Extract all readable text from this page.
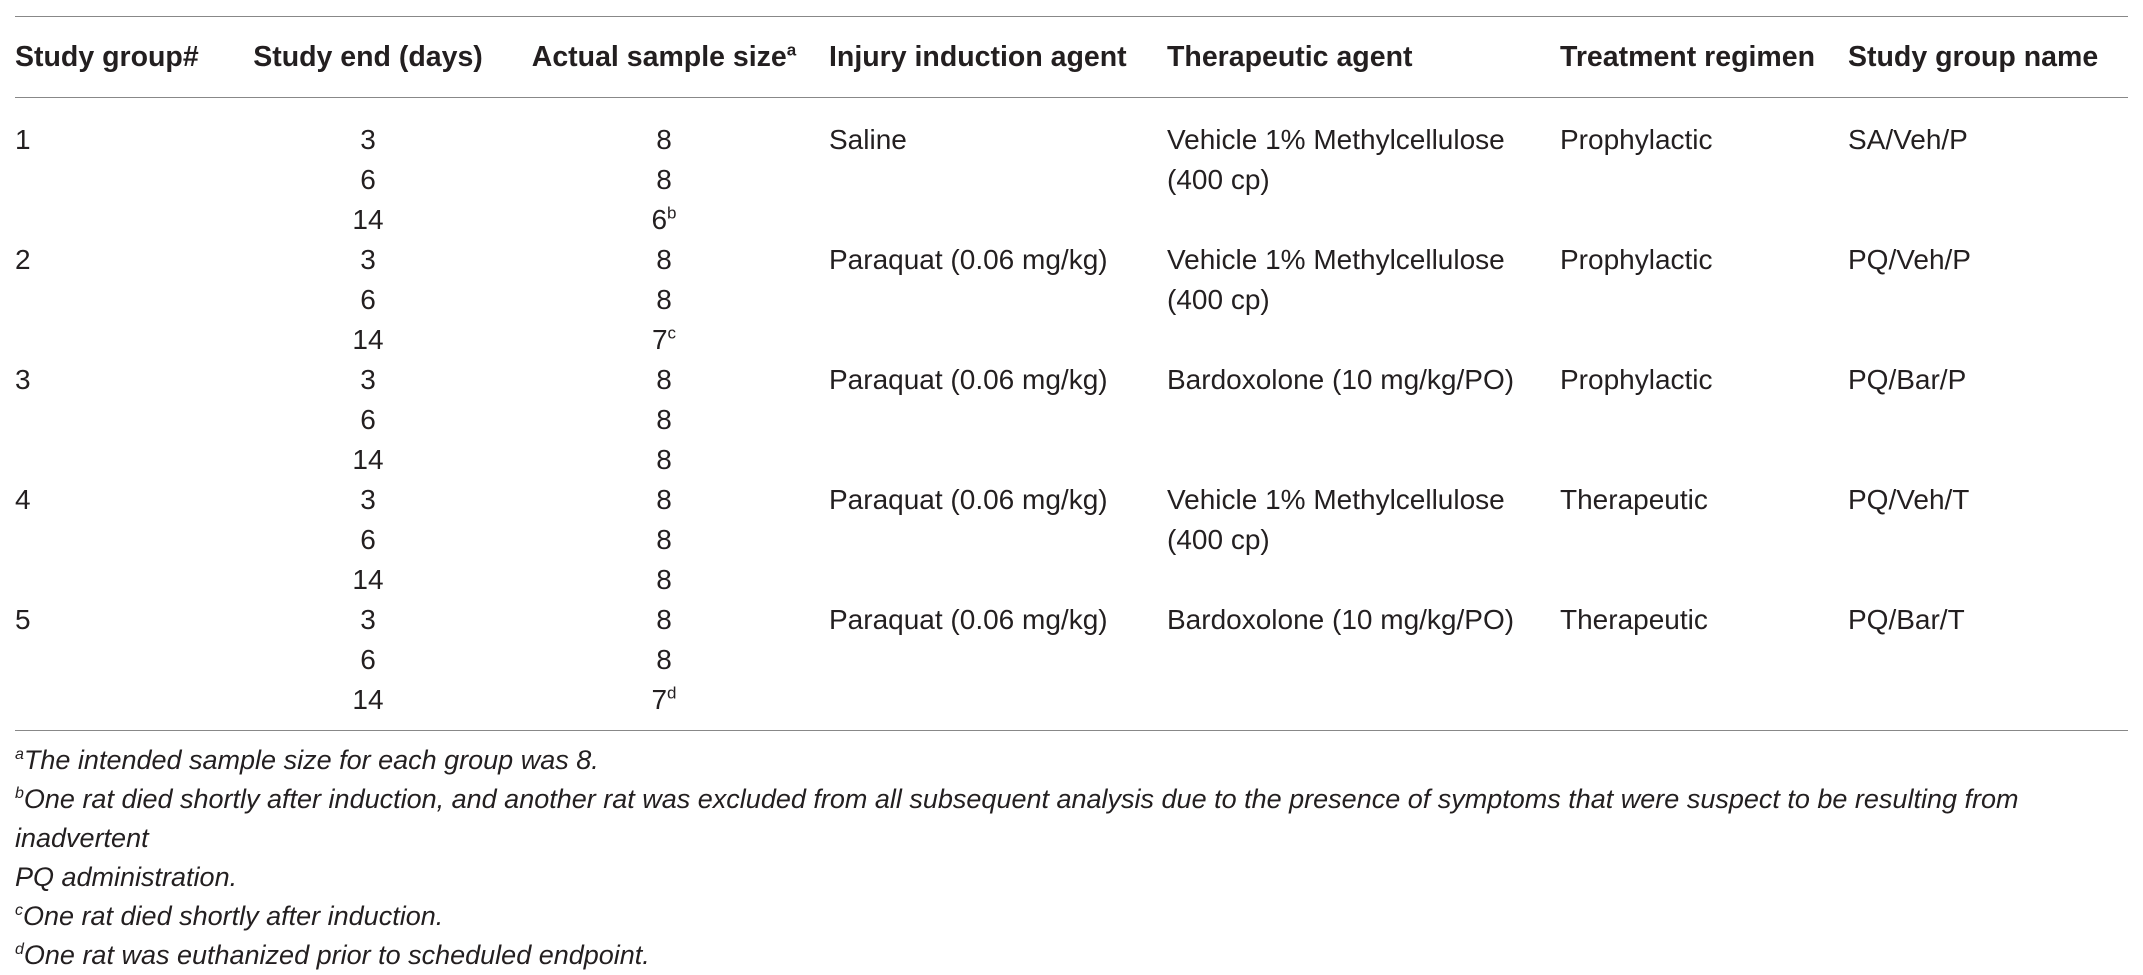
Study group#	Study end (days)	Actual sample size$^a$	Injury induction agent	Therapeutic agent	Treatment regimen	Study group name
1	3	8	Saline	Vehicle 1% Methylcellulose	Prophylactic	SA/Veh/P
	6	8		(400 cp)		
	14	6$^b$				
2	3	8	Paraquat (0.06 mg/kg)	Vehicle 1% Methylcellulose	Prophylactic	PQ/Veh/P
	6	8		(400 cp)		
	14	7$^c$				
3	3	8	Paraquat (0.06 mg/kg)	Bardoxolone (10 mg/kg/PO)	Prophylactic	PQ/Bar/P
	6	8				
	14	8				
4	3	8	Paraquat (0.06 mg/kg)	Vehicle 1% Methylcellulose	Therapeutic	PQ/Veh/T
	6	8		(400 cp)		
	14	8				
5	3	8	Paraquat (0.06 mg/kg)	Bardoxolone (10 mg/kg/PO)	Therapeutic	PQ/Bar/T
	6	8				
	14	7$^d$				

$^a$The intended sample size for each group was 8.

$^b$One rat died shortly after induction, and another rat was excluded from all subsequent analysis due to the presence of symptoms that were suspect to be resulting from inadvertent

PQ administration.

$^c$One rat died shortly after induction.

$^d$One rat was euthanized prior to scheduled endpoint.
